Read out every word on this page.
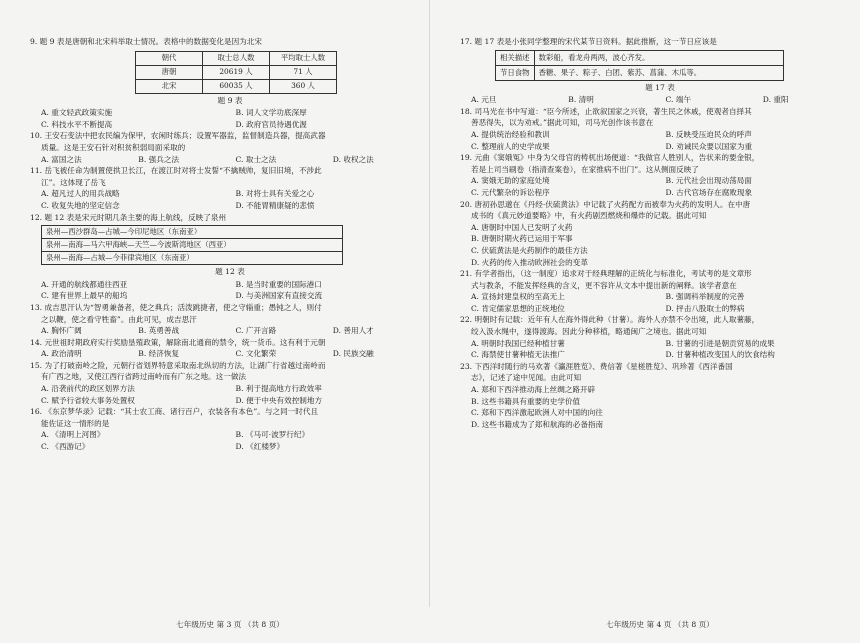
9. 题 9 表是唐朝和北宋科举取士情况。表格中的数据变化是因为北宋

朝代	取士总人数	平均取士人数
唐朝	20619 人	71 人
北宋	60035 人	360 人

题 9 表

A. 重文轻武政策实施	B. 词人文学功底深厚
C. 科技水平不断提高	D. 政府官员待遇优渥

10. 王安石变法中把农民编为保甲，农闲时练兵；设置军器监，监督制造兵器，提高武器

质量。这是王安石针对积贫积弱局面采取的

A. 富国之法	B. 强兵之法	C. 取士之法	D. 收权之法

11. 岳飞被任命为制置使拱卫长江，在渡江时对将士发誓“不擒贼帅，复旧旧境，不涉此

江”。这体现了岳飞

A. 超凡过人的用兵战略	B. 对将士具有关爱之心
C. 收复失地的坚定信念	D. 不能胃精康疑的悲愤

12. 题 12 表是宋元时期几条主要的海上航线，反映了泉州

泉州—西沙群岛—占城—今印尼地区（东南亚）
泉州—南海—马六甲海峡—天竺—今波斯湾地区（西亚）
泉州—南海—占城—今菲律宾地区（东南亚）

题 12 表

A. 开通的航线都通往西亚	B. 是当时重要的国际港口
C. 建有世界上最早的船坞	D. 与美洲国家有直接交流

13. 成吉思汗认为“智勇兼备者，使之典兵；活泼跳捷者，使之守辎重；愚钝之人，则付

之以鞭，使之看守牲畜”。由此可见，成吉思汗

A. 胸怀广阔	B. 英勇善战	C. 广开言路	D. 善用人才

14. 元世祖时期政府实行奖励垦殖政策，解除南北通商的禁令，统一货币。这有利于元朝

A. 政治清明	B. 经济恢复	C. 文化繁荣	D. 民族交融

15. 为了打破南岭之险，元朝行省划界特意采取南北纵切的方法，让湖广行省越过南岭而

有广西之地，又使江西行省跨过南岭而有广东之地。这一做法

A. 沿袭前代的政区划界方法	B. 利于提高地方行政效率
C. 赋予行省较大事务处置权	D. 便于中央有效控制地方

16. 《东京梦华录》记载：“其士农工商、诸行百户，衣装各有本色”。与之同一时代且

能佐证这一情形的是

A. 《清明上河图》	B. 《马可·波罗行纪》
C. 《西游记》	D. 《红楼梦》
七年级历史 第 3 页 （共 8 页）

17. 题 17 表是小张同学整理的宋代某节日资料。据此推断，这一节日应该是

相关描述	数彩船，看龙舟两两，波心齐发。
节日食物	香糖、果子、粽子、白团、紫苏、菖蒲、木瓜等。

题 17 表

A. 元旦	B. 清明	C. 端午	D. 重阳

18. 司马光在书中写道：“臣今所述，止欲叙国家之兴衰，著生民之休戚，使观者自择其

善恶得失，以为劝戒。”据此可知，司马光创作该书意在

A. 提供统治经验和教训	B. 反映受压迫民众的呼声
C. 整理前人的史学成果	D. 劝诫民众要以国家为重

19. 元曲《窦娥冤》中身为父母官的梼杌出场便道：“我做官人胜别人，告状来的要金银，

若是上司当刷卷（指清查案卷），在家推病不出门”。这从侧面反映了

A. 窦娥无助的家庭处境	B. 元代社会出现动荡局面
C. 元代繁杂的诉讼程序	D. 古代官场存在腐败现象

20. 唐初孙思邈在《丹经·伏硫黄法》中记载了火药配方而被奉为火药的发明人。在中唐

成书的《真元妙道要略》中，有火药剧烈燃烧和爆炸的记载。据此可知

A. 唐朝时中国人已发明了火药
B. 唐朝时期火药已运用于军事
C. 伏硫黄法是火药制作的最佳方法
D. 火药的传入推动欧洲社会的变革

21. 有学者指出，（这一制度）追求对于经典理解的正统化与标准化，考试考的是文章形

式与教条，不能发挥经典的含义，更不容许从文本中提出新的阐释。该学者意在

A. 宣扬封建皇权的至高无上	B. 强调科举制度的完善
C. 肯定儒家思想的正统地位	D. 抨击八股取士的弊病

22. 明朝时有记载：近年有人在海外得此种（甘薯）。海外人亦禁不令出境，此人取薯藤，

绞入汲水绳中，遂得渡海。因此分种移植，略通闽广之境也。据此可知

A. 明朝时我国已经种植甘薯	B. 甘薯的引进是朝贡贸易的成果
C. 海禁使甘薯种植无法推广	D. 甘薯种植改变国人的饮食结构

23. 下西洋时随行的马欢著《瀛涯胜览》、费信著《星槎胜览》、巩珍著《西洋番国

志》，记述了途中见闻。由此可知

A. 郑和下西洋推动海上丝绸之路开辟
B. 这些书籍具有重要的史学价值
C. 郑和下西洋激起欧洲人对中国的向往
D. 这些书籍成为了郑和航海的必备指南
七年级历史 第 4 页 （共 8 页）
